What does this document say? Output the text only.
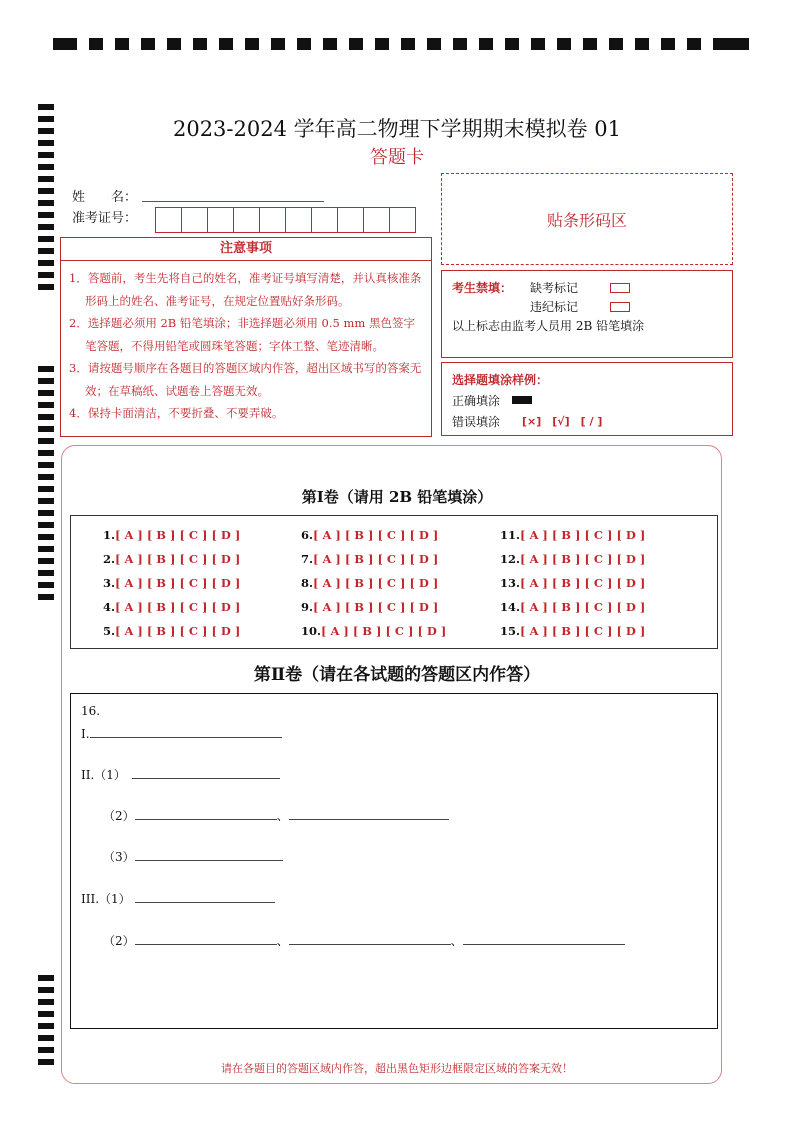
2023-2024 学年高二物理下学期期末模拟卷 01
答题卡
姓　　名：
准考证号：	贴条形码区
注意事项
1．答题前，考生先将自己的姓名，准考证号填写清楚，并认真核准条形码上的姓名、准考证号，在规定位置贴好条形码。
2．选择题必须用 2B 铅笔填涂；非选择题必须用 0.5 mm 黑色签字笔答题，不得用铅笔或圆珠笔答题；字体工整、笔迹清晰。
3．请按题号顺序在各题目的答题区域内作答，超出区域书写的答案无效；在草稿纸、试题卷上答题无效。
4．保持卡面清洁，不要折叠、不要弄破。
考生禁填： 缺考标记
违纪标记
以上标志由监考人员用 2B 铅笔填涂
选择题填涂样例：
正确填涂
错误填涂 [×]　[√]　[ / ]
第Ⅰ卷（请用 2B 铅笔填涂）
1.[ A ] [ B ] [ C ] [ D ]
2.[ A ] [ B ] [ C ] [ D ]
3.[ A ] [ B ] [ C ] [ D ]
4.[ A ] [ B ] [ C ] [ D ]
5.[ A ] [ B ] [ C ] [ D ]
6.[ A ] [ B ] [ C ] [ D ]
7.[ A ] [ B ] [ C ] [ D ]
8.[ A ] [ B ] [ C ] [ D ]
9.[ A ] [ B ] [ C ] [ D ]
10.[ A ] [ B ] [ C ] [ D ]
11.[ A ] [ B ] [ C ] [ D ]
12.[ A ] [ B ] [ C ] [ D ]
13.[ A ] [ B ] [ C ] [ D ]
14.[ A ] [ B ] [ C ] [ D ]
15.[ A ] [ B ] [ C ] [ D ]
第Ⅱ卷（请在各试题的答题区内作答）
16.
I.
II.（1）
（2）	、
（3）
III.（1）
（2）	、	、
请在各题目的答题区域内作答，超出黑色矩形边框限定区域的答案无效！
